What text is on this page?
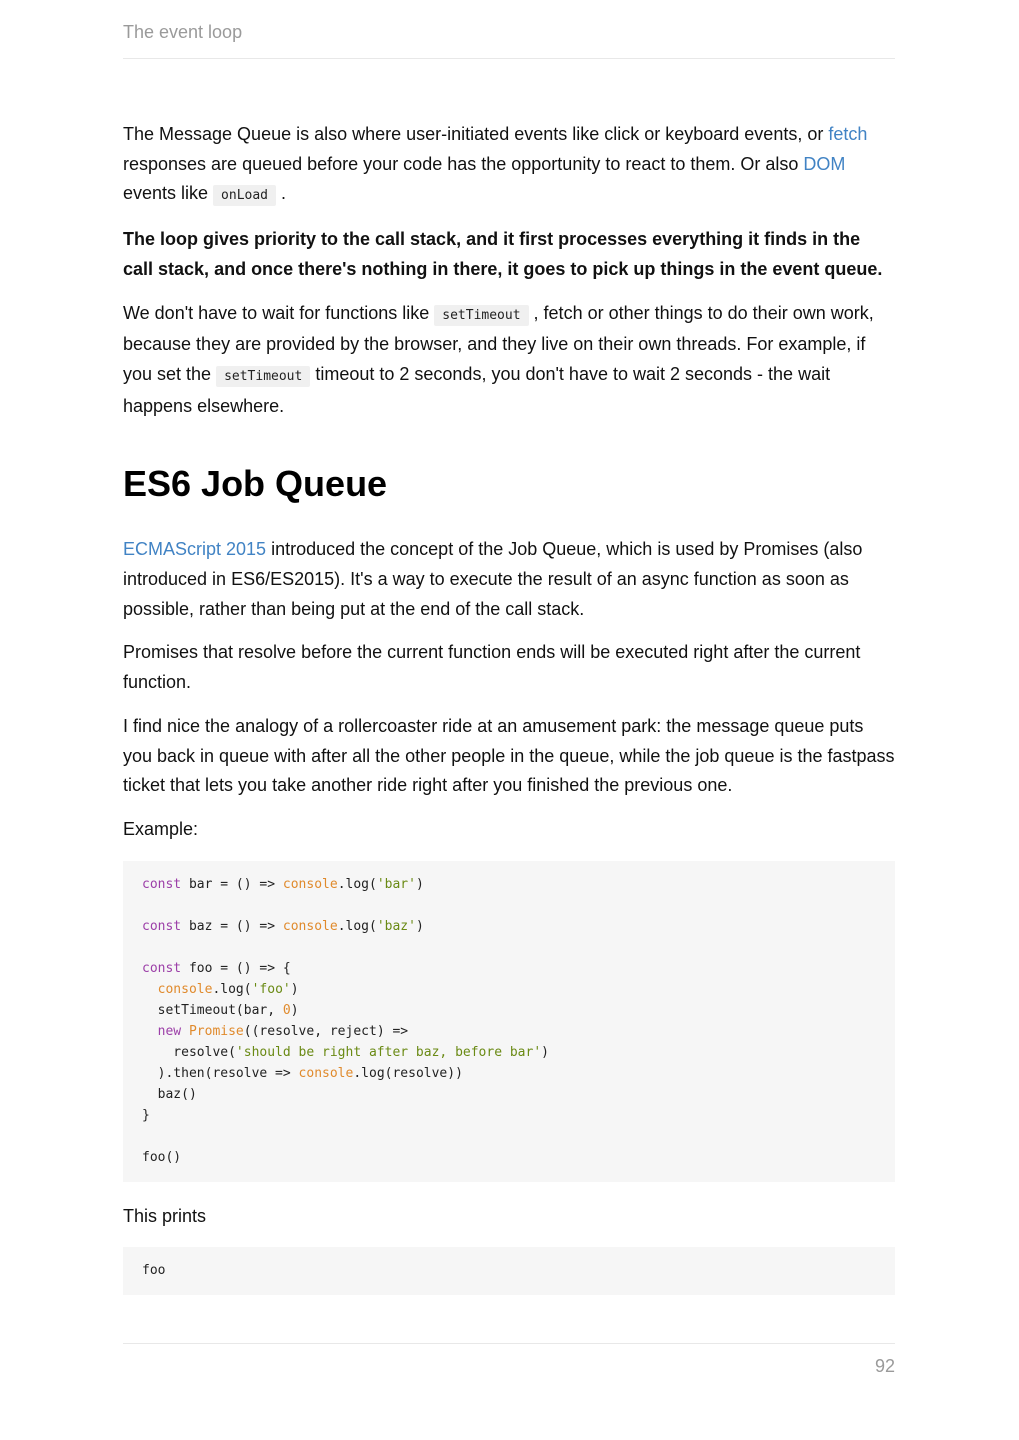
The event loop

The Message Queue is also where user-initiated events like click or keyboard events, or fetch responses are queued before your code has the opportunity to react to them. Or also DOM events like onLoad .

The loop gives priority to the call stack, and it first processes everything it finds in the call stack, and once there's nothing in there, it goes to pick up things in the event queue.

We don't have to wait for functions like setTimeout , fetch or other things to do their own work, because they are provided by the browser, and they live on their own threads. For example, if you set the setTimeout timeout to 2 seconds, you don't have to wait 2 seconds - the wait happens elsewhere.

ES6 Job Queue

ECMAScript 2015 introduced the concept of the Job Queue, which is used by Promises (also introduced in ES6/ES2015). It's a way to execute the result of an async function as soon as possible, rather than being put at the end of the call stack.

Promises that resolve before the current function ends will be executed right after the current function.

I find nice the analogy of a rollercoaster ride at an amusement park: the message queue puts you back in queue with after all the other people in the queue, while the job queue is the fastpass ticket that lets you take another ride right after you finished the previous one.

Example:

const bar = () => console.log('bar')

const baz = () => console.log('baz')

const foo = () => {
console.log('foo')
setTimeout(bar, 0)
new Promise((resolve, reject) =>
resolve('should be right after baz, before bar')
).then(resolve => console.log(resolve))
baz()
}

foo()

This prints

foo
92
